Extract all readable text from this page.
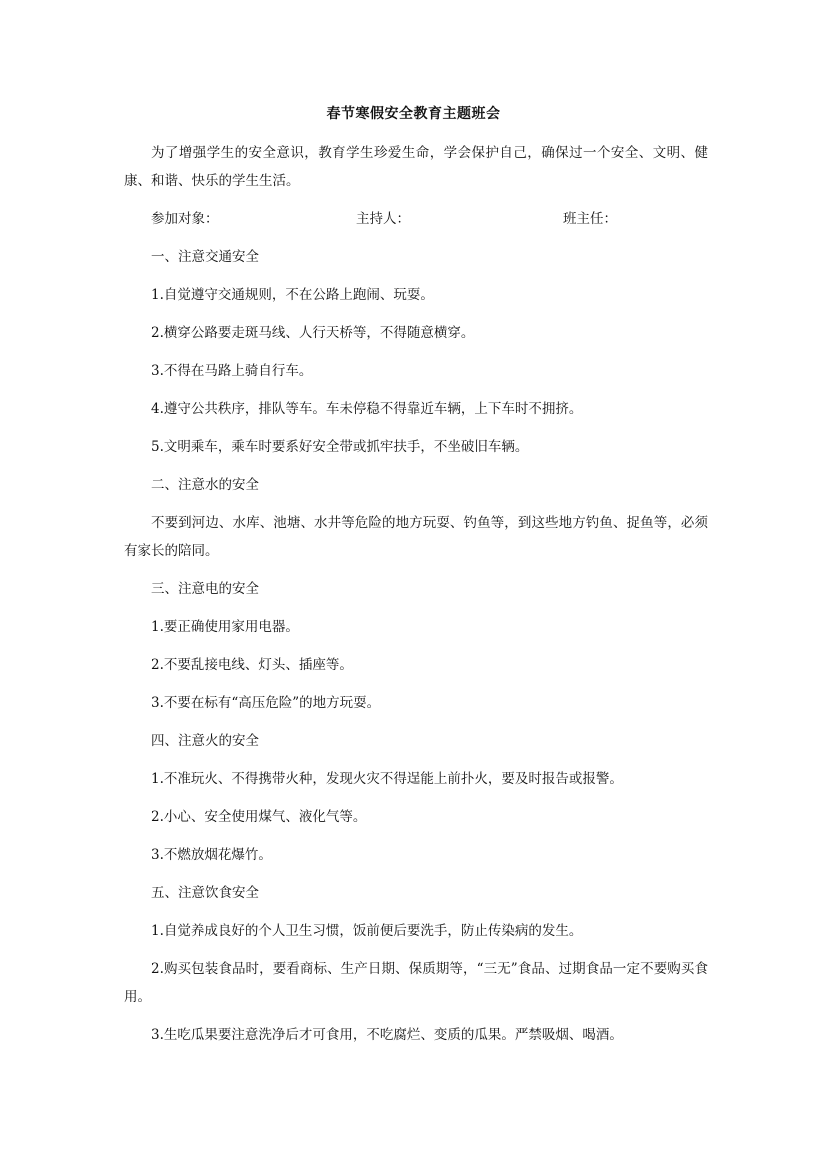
春节寒假安全教育主题班会

为了增强学生的安全意识，教育学生珍爱生命，学会保护自己，确保过一个安全、文明、健康、和谐、快乐的学生生活。

参加对象：	主持人：	班主任：

一、注意交通安全

1.自觉遵守交通规则，不在公路上跑闹、玩耍。

2.横穿公路要走斑马线、人行天桥等，不得随意横穿。

3.不得在马路上骑自行车。

4.遵守公共秩序，排队等车。车未停稳不得靠近车辆，上下车时不拥挤。

5.文明乘车，乘车时要系好安全带或抓牢扶手，不坐破旧车辆。

二、注意水的安全

不要到河边、水库、池塘、水井等危险的地方玩耍、钓鱼等，到这些地方钓鱼、捉鱼等，必须有家长的陪同。

三、注意电的安全

1.要正确使用家用电器。

2.不要乱接电线、灯头、插座等。

3.不要在标有“高压危险”的地方玩耍。

四、注意火的安全

1.不准玩火、不得携带火种，发现火灾不得逞能上前扑火，要及时报告或报警。

2.小心、安全使用煤气、液化气等。

3.不燃放烟花爆竹。

五、注意饮食安全

1.自觉养成良好的个人卫生习惯，饭前便后要洗手，防止传染病的发生。

2.购买包装食品时，要看商标、生产日期、保质期等，“三无”食品、过期食品一定不要购买食用。

3.生吃瓜果要注意洗净后才可食用，不吃腐烂、变质的瓜果。严禁吸烟、喝酒。
